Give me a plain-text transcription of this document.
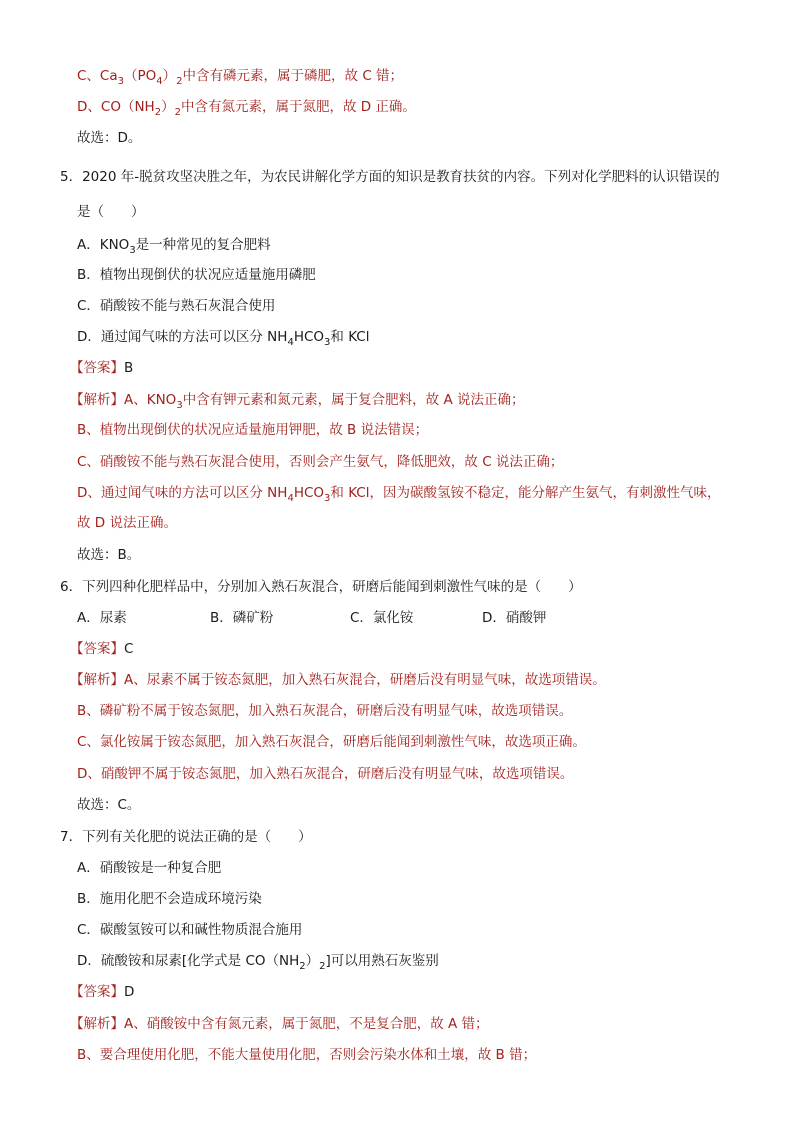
C、$Ca_3(PO_4)_2$中含有磷元素，属于磷肥，故 C 错；
D、$CO(NH_2)_2$中含有氮元素，属于氮肥，故 D 正确。
故选：D。
5．2020 年-脱贫攻坚决胜之年，为农民讲解化学方面的知识是教育扶贫的内容。下列对化学肥料的认识错误的
是（　　）
A．$KNO_3$是一种常见的复合肥料
B．植物出现倒伏的状况应适量施用磷肥
C．硝酸铵不能与熟石灰混合使用
D．通过闻气味的方法可以区分 $NH_4HCO_3$和 KCl
【答案】B
【解析】A、$KNO_3$中含有钾元素和氮元素，属于复合肥料，故 A 说法正确；
B、植物出现倒伏的状况应适量施用钾肥，故 B 说法错误；
C、硝酸铵不能与熟石灰混合使用，否则会产生氨气，降低肥效，故 C 说法正确；
D、通过闻气味的方法可以区分 $NH_4HCO_3$和 KCl，因为碳酸氢铵不稳定，能分解产生氨气，有刺激性气味，
故 D 说法正确。
故选：B。
6．下列四种化肥样品中，分别加入熟石灰混合，研磨后能闻到刺激性气味的是（　　）
A．尿素	B．磷矿粉	C．氯化铵	D．硝酸钾
【答案】C
【解析】A、尿素不属于铵态氮肥，加入熟石灰混合，研磨后没有明显气味，故选项错误。
B、磷矿粉不属于铵态氮肥，加入熟石灰混合，研磨后没有明显气味，故选项错误。
C、氯化铵属于铵态氮肥，加入熟石灰混合，研磨后能闻到刺激性气味，故选项正确。
D、硝酸钾不属于铵态氮肥，加入熟石灰混合，研磨后没有明显气味，故选项错误。
故选：C。
7．下列有关化肥的说法正确的是（　　）
A．硝酸铵是一种复合肥
B．施用化肥不会造成环境污染
C．碳酸氢铵可以和碱性物质混合施用
D．硫酸铵和尿素[化学式是 $CO(NH_2)_2$]可以用熟石灰鉴别
【答案】D
【解析】A、硝酸铵中含有氮元素，属于氮肥，不是复合肥，故 A 错；
B、要合理使用化肥，不能大量使用化肥，否则会污染水体和土壤，故 B 错；
